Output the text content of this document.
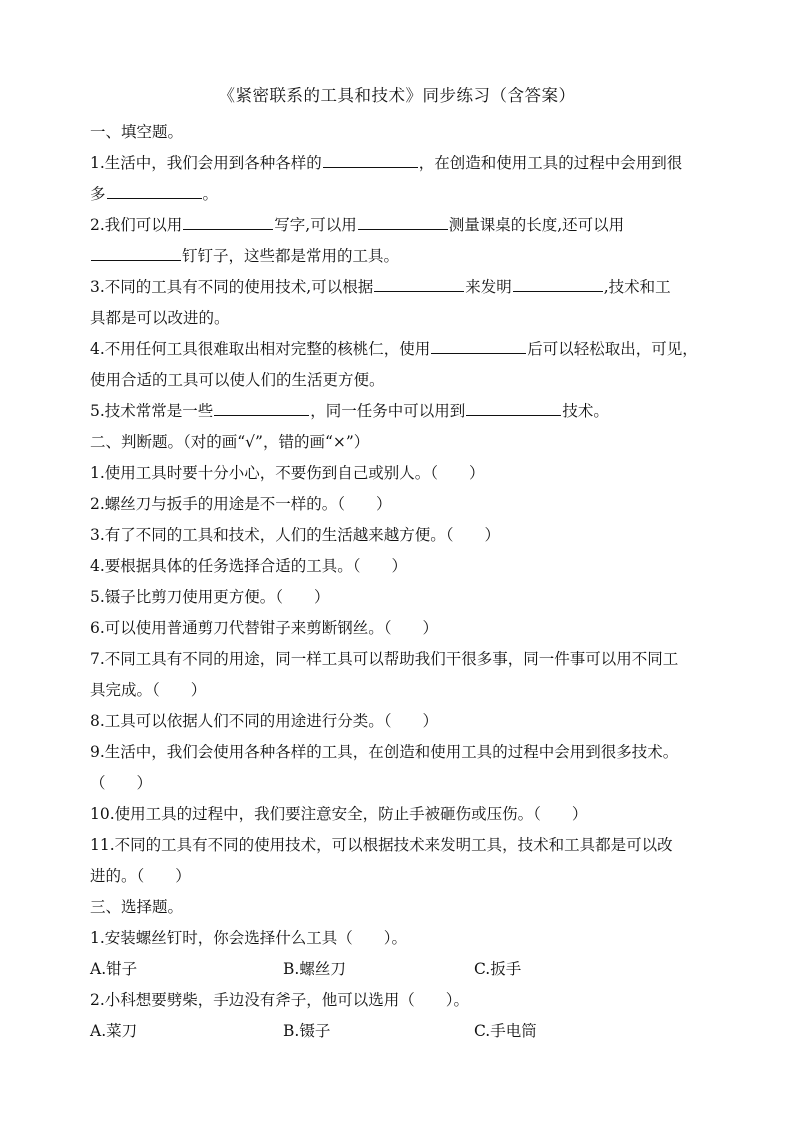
《紧密联系的工具和技术》同步练习（含答案）
一、填空题。
1.生活中，我们会用到各种各样的	，在创造和使用工具的过程中会用到很
多	。
2.我们可以用	写字,可以用	测量课桌的长度,还可以用
钉钉子，这些都是常用的工具。
3.不同的工具有不同的使用技术,可以根据	来发明	,技术和工
具都是可以改进的。
4.不用任何工具很难取出相对完整的核桃仁，使用	后可以轻松取出，可见，
使用合适的工具可以使人们的生活更方便。
5.技术常常是一些	，同一任务中可以用到	技术。
二、判断题。（对的画“√”，错的画“×”）
1.使用工具时要十分小心，不要伤到自己或别人。（　　）
2.螺丝刀与扳手的用途是不一样的。（　　）
3.有了不同的工具和技术，人们的生活越来越方便。（　　）
4.要根据具体的任务选择合适的工具。（　　）
5.镊子比剪刀使用更方便。（　　）
6.可以使用普通剪刀代替钳子来剪断钢丝。（　　）
7.不同工具有不同的用途，同一样工具可以帮助我们干很多事，同一件事可以用不同工
具完成。（　　）
8.工具可以依据人们不同的用途进行分类。（　　）
9.生活中，我们会使用各种各样的工具，在创造和使用工具的过程中会用到很多技术。
（　　）
10.使用工具的过程中，我们要注意安全，防止手被砸伤或压伤。（　　）
11.不同的工具有不同的使用技术，可以根据技术来发明工具，技术和工具都是可以改
进的。（　　）
三、选择题。
1.安装螺丝钉时，你会选择什么工具（　　）。
A.钳子	B.螺丝刀	C.扳手
2.小科想要劈柴，手边没有斧子，他可以选用（　　）。
A.菜刀	B.镊子	C.手电筒
